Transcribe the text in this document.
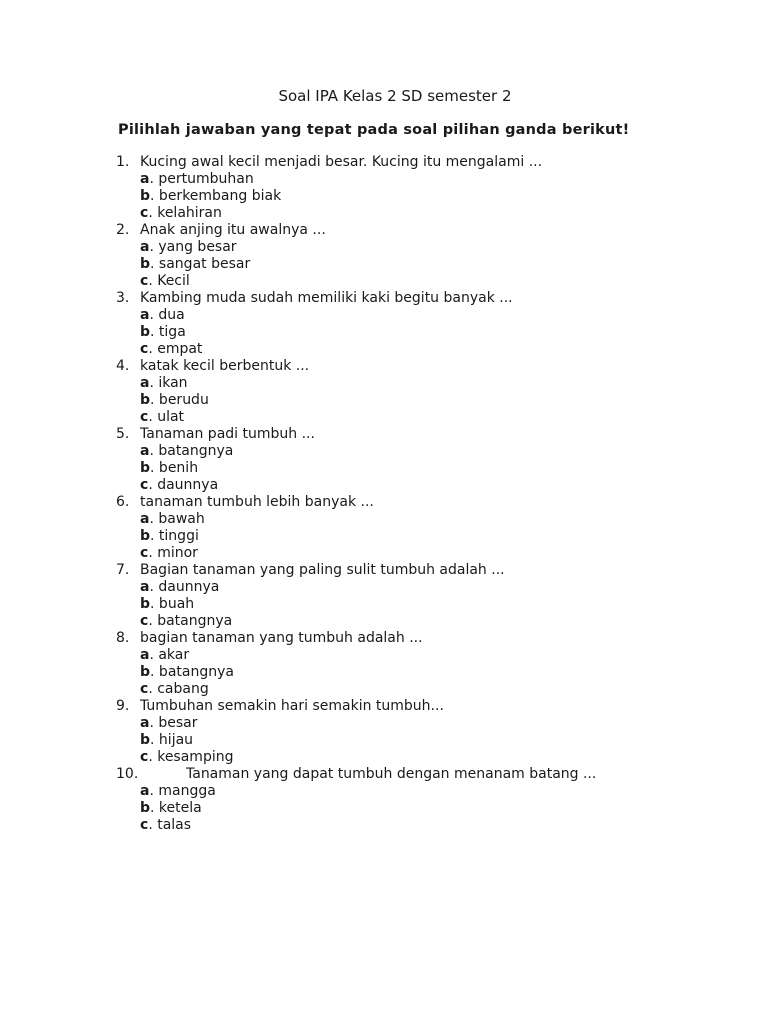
Soal IPA Kelas 2 SD semester 2
Pilihlah jawaban yang tepat pada soal pilihan ganda berikut!
1. Kucing awal kecil menjadi besar. Kucing itu mengalami ...
a. pertumbuhan
b. berkembang biak
c. kelahiran
2. Anak anjing itu awalnya ...
a. yang besar
b. sangat besar
c. Kecil
3. Kambing muda sudah memiliki kaki begitu banyak ...
a. dua
b. tiga
c. empat
4. katak kecil berbentuk ...
a. ikan
b. berudu
c. ulat
5. Tanaman padi tumbuh ...
a. batangnya
b. benih
c. daunnya
6. tanaman tumbuh lebih banyak ...
a. bawah
b. tinggi
c. minor
7. Bagian tanaman yang paling sulit tumbuh adalah ...
a. daunnya
b. buah
c. batangnya
8. bagian tanaman yang tumbuh adalah ...
a. akar
b. batangnya
c. cabang
9. Tumbuhan semakin hari semakin tumbuh...
a. besar
b. hijau
c. kesamping
10.	Tanaman yang dapat tumbuh dengan menanam batang ...
a. mangga
b. ketela
c. talas
